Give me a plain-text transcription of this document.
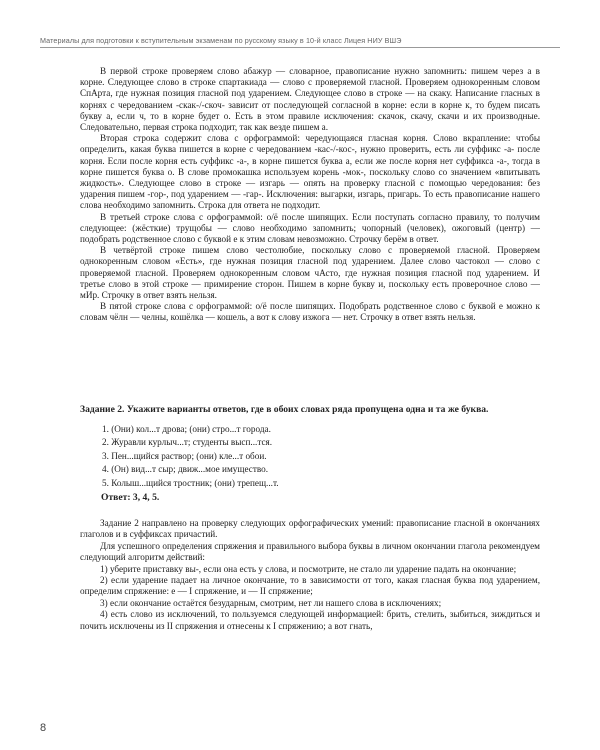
Материалы для подготовки к вступительным экзаменам по русскому языку в 10-й класс Лицея НИУ ВШЭ

В первой строке проверяем слово абажур — словарное, правописание нужно запомнить: пишем через а в корне. Следующее слово в строке спартакиада — слово с проверяемой гласной. Проверяем однокоренным словом СпАрта, где нужная позиция гласной под ударением. Следующее слово в строке — на скаку. Написание гласных в корнях с чередованием -скак-/-скоч- зависит от последующей согласной в корне: если в корне к, то будем писать букву а, если ч, то в корне будет о. Есть в этом правиле исключения: скачок, скачу, скачи и их производные. Следовательно, первая строка подходит, так как везде пишем а.

Вторая строка содержит слова с орфограммой: чередующаяся гласная корня. Слово вкрапление: чтобы определить, какая буква пишется в корне с чередованием -кас-/-кос-, нужно проверить, есть ли суффикс -а- после корня. Если после корня есть суффикс -а-, в корне пишется буква а, если же после корня нет суффикса -а-, тогда в корне пишется буква о. В слове промокашка используем корень -мок-, поскольку слово со значением «впитывать жидкость». Следующее слово в строке — изгарь — опять на проверку гласной с помощью чередования: без ударения пишем -гор-, под ударением — -гар-. Исключения: выгарки, изгарь, пригарь. То есть правописание нашего слова необходимо запомнить. Строка для ответа не подходит.

В третьей строке слова с орфограммой: о/ё после шипящих. Если поступать согласно правилу, то получим следующее: (жёсткие) трущобы — слово необходимо запомнить; чопорный (человек), ожоговый (центр) — подобрать родственное слово с буквой е к этим словам невозможно. Строчку берём в ответ.

В четвёртой строке пишем слово честолюбие, поскольку слово с проверяемой гласной. Проверяем однокоренным словом «Есть», где нужная позиция гласной под ударением. Далее слово частокол — слово с проверяемой гласной. Проверяем однокоренным словом чАсто, где нужная позиция гласной под ударением. И третье слово в этой строке — примирение сторон. Пишем в корне букву и, поскольку есть проверочное слово — мИр. Строчку в ответ взять нельзя.

В пятой строке слова с орфограммой: о/ё после шипящих. Подобрать родственное слово с буквой е можно к словам чёлн — челны, кошёлка — кошель, а вот к слову изжога — нет. Строчку в ответ взять нельзя.

Задание 2. Укажите варианты ответов, где в обоих словах ряда пропущена одна и та же буква.
1. (Они) кол...т дрова; (они) стро...т города.
2. Журавли курлыч...т; студенты высп...тся.
3. Пен...щийся раствор; (они) кле...т обои.
4. (Он) вид...т сыр; движ...мое имущество.
5. Колыш...щийся тростник; (они) трепещ...т.
Ответ: 3, 4, 5.

Задание 2 направлено на проверку следующих орфографических умений: правописание гласной в окончаниях глаголов и в суффиксах причастий.

Для успешного определения спряжения и правильного выбора буквы в личном окончании глагола рекомендуем следующий алгоритм действий:

1) уберите приставку вы-, если она есть у слова, и посмотрите, не стало ли ударение падать на окончание;

2) если ударение падает на личное окончание, то в зависимости от того, какая гласная буква под ударением, определим спряжение: е — I спряжение, и — II спряжение;

3) если окончание остаётся безударным, смотрим, нет ли нашего слова в исключениях;

4) есть слово из исключений, то пользуемся следующей информацией: брить, стелить, зыбиться, зиждиться и почить исключены из II спряжения и отнесены к I спряжению; а вот гнать,

8
